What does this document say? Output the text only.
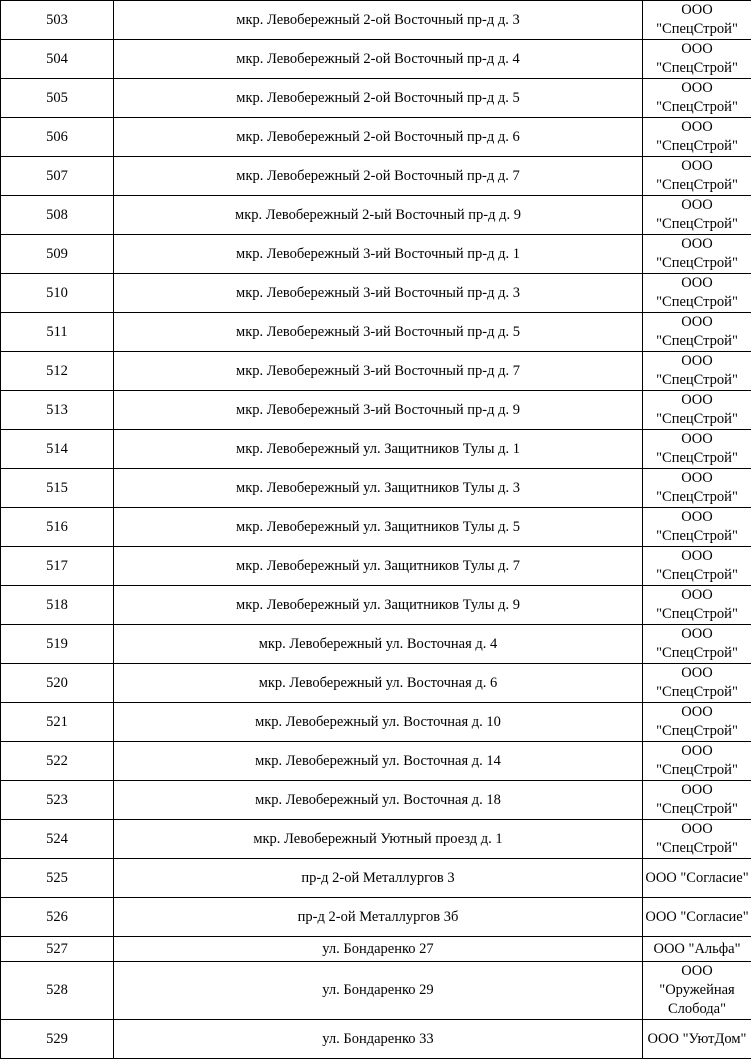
503	мкр. Левобережный 2-ой Восточный пр-д д. 3	ООО "СпецСтрой"
504	мкр. Левобережный 2-ой Восточный пр-д д. 4	ООО "СпецСтрой"
505	мкр. Левобережный 2-ой Восточный пр-д д. 5	ООО "СпецСтрой"
506	мкр. Левобережный 2-ой Восточный пр-д д. 6	ООО "СпецСтрой"
507	мкр. Левобережный 2-ой Восточный пр-д д. 7	ООО "СпецСтрой"
508	мкр. Левобережный 2-ый Восточный пр-д д. 9	ООО "СпецСтрой"
509	мкр. Левобережный 3-ий Восточный пр-д д. 1	ООО "СпецСтрой"
510	мкр. Левобережный 3-ий Восточный пр-д д. 3	ООО "СпецСтрой"
511	мкр. Левобережный 3-ий Восточный пр-д д. 5	ООО "СпецСтрой"
512	мкр. Левобережный 3-ий Восточный пр-д д. 7	ООО "СпецСтрой"
513	мкр. Левобережный 3-ий Восточный пр-д д. 9	ООО "СпецСтрой"
514	мкр. Левобережный ул. Защитников Тулы д. 1	ООО "СпецСтрой"
515	мкр. Левобережный ул. Защитников Тулы д. 3	ООО "СпецСтрой"
516	мкр. Левобережный ул. Защитников Тулы д. 5	ООО "СпецСтрой"
517	мкр. Левобережный ул. Защитников Тулы д. 7	ООО "СпецСтрой"
518	мкр. Левобережный ул. Защитников Тулы д. 9	ООО "СпецСтрой"
519	мкр. Левобережный ул. Восточная д. 4	ООО "СпецСтрой"
520	мкр. Левобережный ул. Восточная д. 6	ООО "СпецСтрой"
521	мкр. Левобережный ул. Восточная д. 10	ООО "СпецСтрой"
522	мкр. Левобережный ул. Восточная д. 14	ООО "СпецСтрой"
523	мкр. Левобережный ул. Восточная д. 18	ООО "СпецСтрой"
524	мкр. Левобережный Уютный проезд д. 1	ООО "СпецСтрой"
525	пр-д 2-ой Металлургов 3	ООО "Согласие"
526	пр-д 2-ой Металлургов 3б	ООО "Согласие"
527	ул. Бондаренко 27	ООО "Альфа"
528	ул. Бондаренко 29	ООО "Оружейная Слобода"
529	ул. Бондаренко 33	ООО "УютДом"
